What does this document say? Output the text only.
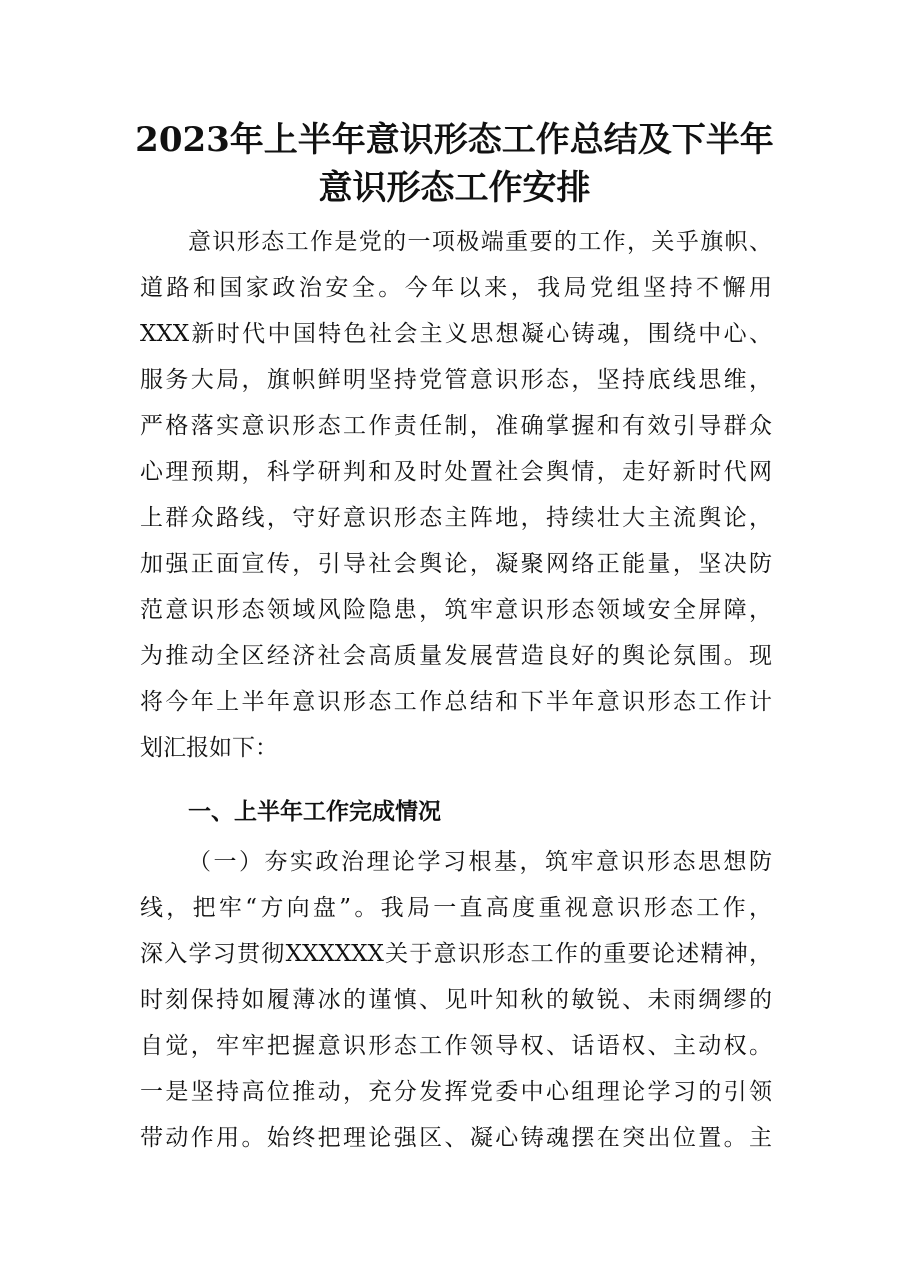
2023年上半年意识形态工作总结及下半年
意识形态工作安排

意识形态工作是党的一项极端重要的工作，关乎旗帜、

道路和国家政治安全。今年以来，我局党组坚持不懈用

XXX新时代中国特色社会主义思想凝心铸魂，围绕中心、

服务大局，旗帜鲜明坚持党管意识形态，坚持底线思维，

严格落实意识形态工作责任制，准确掌握和有效引导群众

心理预期，科学研判和及时处置社会舆情，走好新时代网

上群众路线，守好意识形态主阵地，持续壮大主流舆论，

加强正面宣传，引导社会舆论，凝聚网络正能量，坚决防

范意识形态领域风险隐患，筑牢意识形态领域安全屏障，

为推动全区经济社会高质量发展营造良好的舆论氛围。现

将今年上半年意识形态工作总结和下半年意识形态工作计

划汇报如下：

一、上半年工作完成情况

（一）夯实政治理论学习根基，筑牢意识形态思想防

线，把牢“方向盘”。我局一直高度重视意识形态工作，

深入学习贯彻XXXXXX关于意识形态工作的重要论述精神，

时刻保持如履薄冰的谨慎、见叶知秋的敏锐、未雨绸缪的

自觉，牢牢把握意识形态工作领导权、话语权、主动权。

一是坚持高位推动，充分发挥党委中心组理论学习的引领

带动作用。始终把理论强区、凝心铸魂摆在突出位置。主
